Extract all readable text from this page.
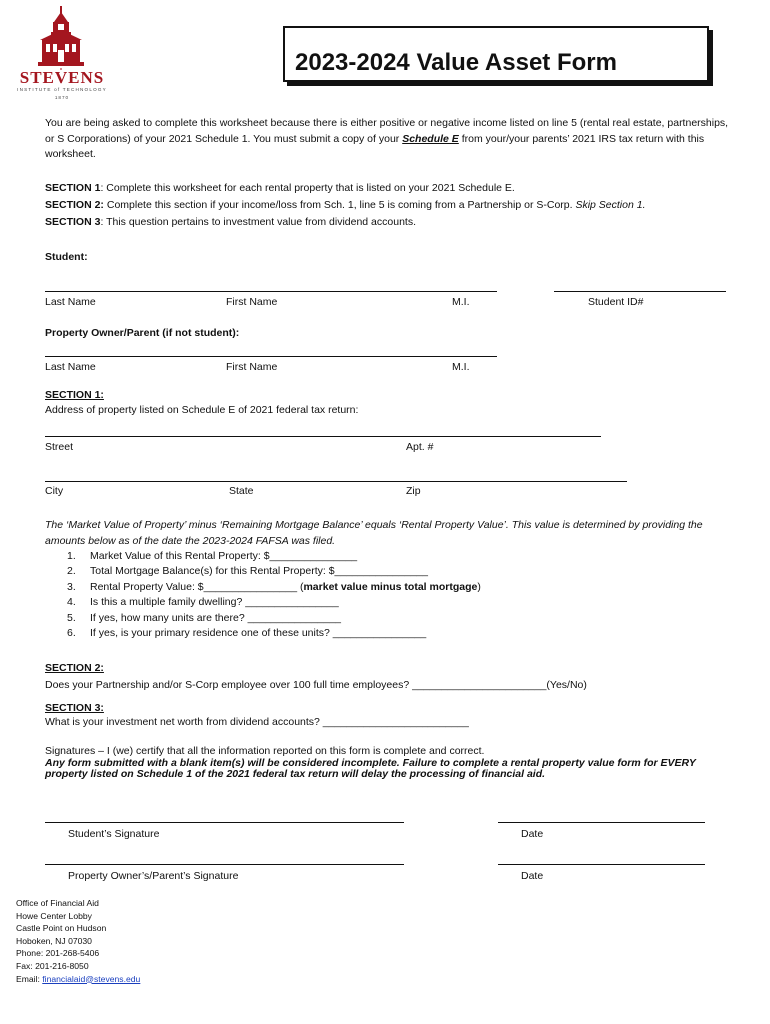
STEVENS
INSTITUTE of TECHNOLOGY
1870
2023-2024 Value Asset Form
You are being asked to complete this worksheet because there is either positive or negative income listed on line 5 (rental real estate, partnerships, or S Corporations) of your 2021 Schedule 1. You must submit a copy of your Schedule E from your/your parents’ 2021 IRS tax return with this worksheet.
SECTION 1: Complete this worksheet for each rental property that is listed on your 2021 Schedule E.
SECTION 2: Complete this section if your income/loss from Sch. 1, line 5 is coming from a Partnership or S-Corp. Skip Section 1.
SECTION 3: This question pertains to investment value from dividend accounts.
Student:
Last Name	First Name	M.I.	Student ID#
Property Owner/Parent (if not student):
Last Name	First Name	M.I.
SECTION 1:
Address of property listed on Schedule E of 2021 federal tax return:
Street	Apt. #
City	State	Zip
The ‘Market Value of Property’ minus ‘Remaining Mortgage Balance’ equals ‘Rental Property Value’. This value is determined by providing the amounts below as of the date the 2023-2024 FAFSA was filed.
1. Market Value of this Rental Property: $_______________
2. Total Mortgage Balance(s) for this Rental Property: $________________
3. Rental Property Value: $________________ (market value minus total mortgage)
4. Is this a multiple family dwelling? ________________
5. If yes, how many units are there? ________________
6. If yes, is your primary residence one of these units? ________________
SECTION 2:
Does your Partnership and/or S-Corp employee over 100 full time employees? _______________________(Yes/No)
SECTION 3:
What is your investment net worth from dividend accounts? _________________________
Signatures – I (we) certify that all the information reported on this form is complete and correct.
Any form submitted with a blank item(s) will be considered incomplete. Failure to complete a rental property value form for EVERY property listed on Schedule 1 of the 2021 federal tax return will delay the processing of financial aid.
Student’s Signature	Date
Property Owner’s/Parent’s Signature	Date
Office of Financial Aid
Howe Center Lobby
Castle Point on Hudson
Hoboken, NJ 07030
Phone: 201-268-5406
Fax: 201-216-8050
Email: financialaid@stevens.edu
